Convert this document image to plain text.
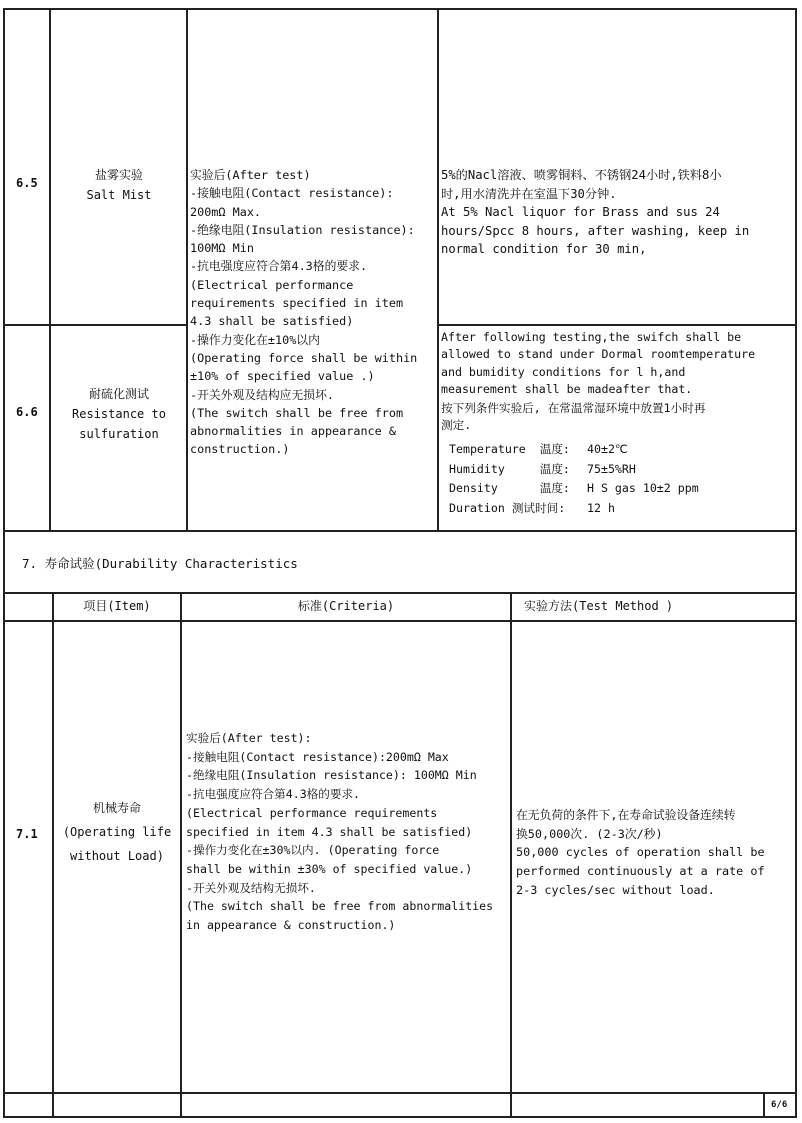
6.5
盐雾实验
Salt Mist
5%的Nacl溶液、喷雾铜料、不锈钢24小时,铁料8小
时,用水清洗并在室温下30分钟.
At 5% Nacl liquor for Brass and sus 24
hours/Spcc 8 hours, after washing, keep in
normal condition for 30 min,
实验后(After test)
-接触电阻(Contact resistance):
200mΩ Max.
-绝缘电阻(Insulation resistance):
100MΩ Min
-抗电强度应符合第4.3格的要求.
(Electrical performance
requirements specified in item
4.3 shall be satisfied)
-操作力变化在±10%以内
(Operating force shall be within
±10% of specified value .)
-开关外观及结构应无损坏.
(The switch shall be free from
abnormalities in appearance &
construction.)
6.6
耐硫化测试
Resistance to
sulfuration
After following testing,the swifch shall be
allowed to stand under Dormal roomtemperature
and bumidity conditions for l h,and
measurement shall be madeafter that.
按下列条件实验后, 在常温常湿环境中放置1小时再
测定.
Temperature  温度: 40±2℃
Humidity     温度: 75±5%RH
Density      温度: H S gas 10±2 ppm
Duration 测试时间: 12 h
7. 寿命试验(Durability Characteristics
项目(Item)	标准(Criteria)	实验方法(Test Method )
7.1
机械寿命
(Operating life
without Load)
实验后(After test):
-接触电阻(Contact resistance):200mΩ Max
-绝缘电阻(Insulation resistance): 100MΩ Min
-抗电强度应符合第4.3格的要求.
(Electrical performance requirements
specified in item 4.3 shall be satisfied)
-操作力变化在±30%以内. (Operating force
shall be within ±30% of specified value.)
-开关外观及结构无损坏.
(The switch shall be free from abnormalities
in appearance & construction.)
在无负荷的条件下,在寿命试验设备连续转
换50,000次. (2-3次/秒)
50,000 cycles of operation shall be
performed continuously at a rate of
2-3 cycles/sec without load.
6/6
